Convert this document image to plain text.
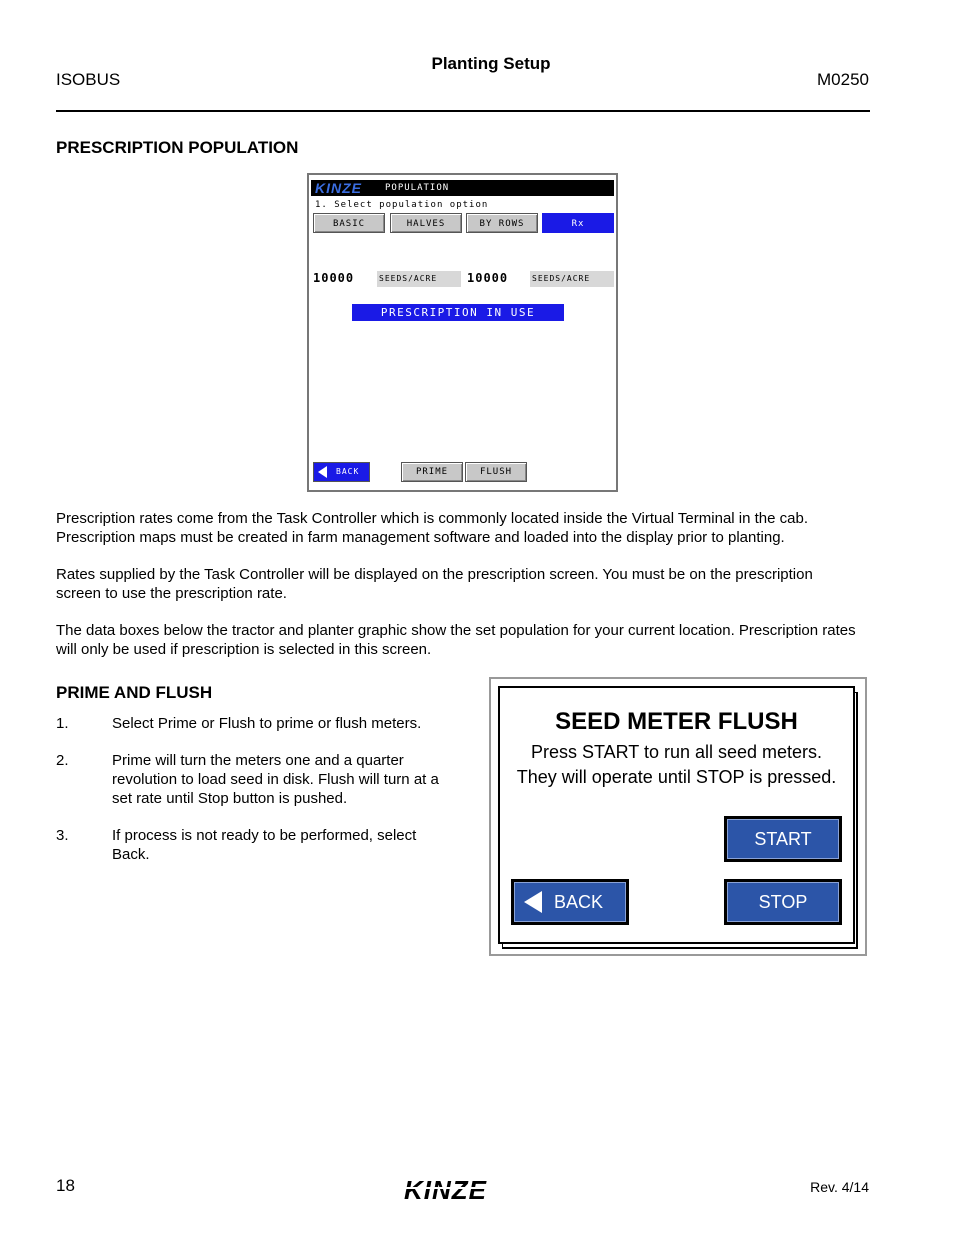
ISOBUS
Planting Setup
M0250
PRESCRIPTION POPULATION
KINZE	POPULATION
1. Select population option
BASIC	HALVES	BY ROWS	Rx
10000	SEEDS/ACRE	10000	SEEDS/ACRE
PRESCRIPTION IN USE
BACK	PRIME	FLUSH
Prescription rates come from the Task Controller which is commonly located inside the Virtual Terminal in the cab. Prescription maps must be created in farm management software and loaded into the display prior to planting.
Rates supplied by the Task Controller will be displayed on the prescription screen. You must be on the prescription screen to use the prescription rate.
The data boxes below the tractor and planter graphic show the set population for your current location. Prescription rates will only be used if prescription is selected in this screen.
PRIME AND FLUSH
1.	Select Prime or Flush to prime or flush meters.
2.	Prime will turn the meters one and a quarter revolution to load seed in disk. Flush will turn at a set rate until Stop button is pushed.
3.	If process is not ready to be performed, select Back.
SEED METER FLUSH
Press START to run all seed meters.
They will operate until STOP is pressed.
START
BACK	STOP
18	KINZE	Rev. 4/14
